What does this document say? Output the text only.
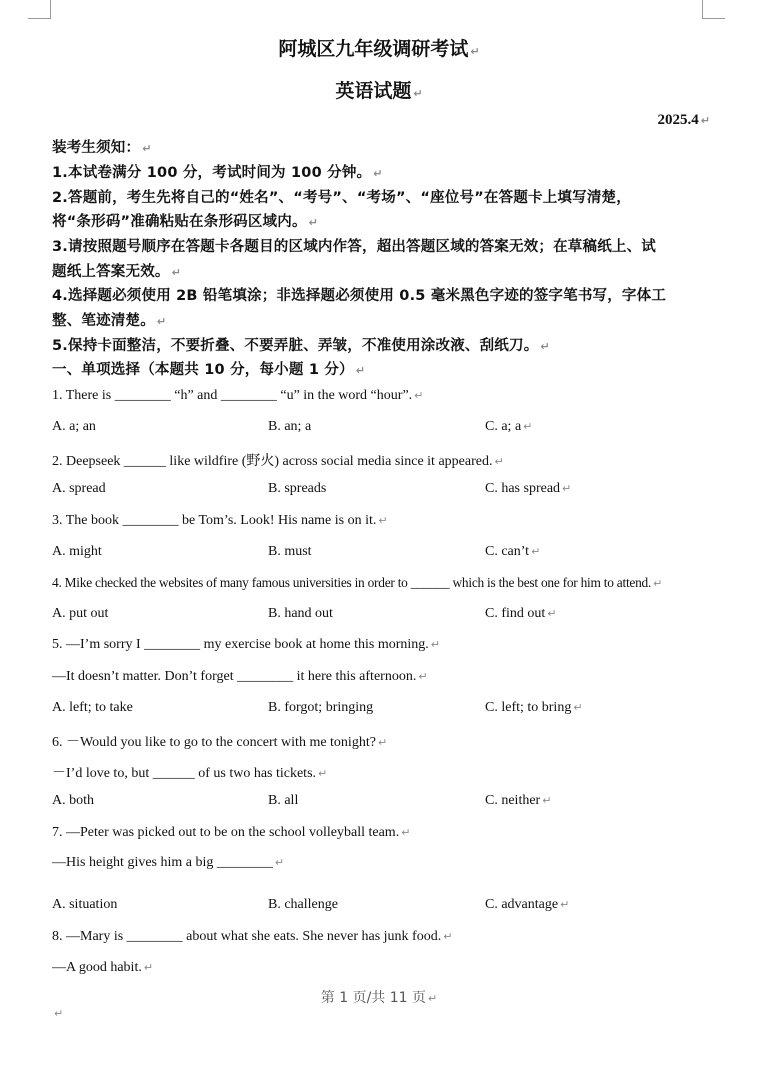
阿城区九年级调研考试 ↵
英语试题 ↵
2025.4 ↵
装考生须知： ↵
1.本试卷满分 100 分，考试时间为 100 分钟。 ↵
2.答题前，考生先将自己的“姓名”、“考号”、“考场”、“座位号”在答题卡上填写清楚，
将“条形码”准确粘贴在条形码区域内。 ↵
3.请按照题号顺序在答题卡各题目的区域内作答，超出答题区域的答案无效；在草稿纸上、试
题纸上答案无效。 ↵
4.选择题必须使用 2B 铅笔填涂；非选择题必须使用 0.5 毫米黑色字迹的签字笔书写，字体工
整、笔迹清楚。 ↵
5.保持卡面整洁，不要折叠、不要弄脏、弄皱，不准使用涂改液、刮纸刀。 ↵
一、单项选择（本题共 10 分，每小题 1 分） ↵
1. There is ________ “h” and ________ “u” in the word “hour”. ↵
A. a; an	B. an; a	C. a; a ↵
2. Deepseek ______ like wildfire (野火) across social media since it appeared. ↵
A. spread	B. spreads	C. has spread ↵
3. The book ________ be Tom’s. Look! His name is on it. ↵
A. might	B. must	C. can’t ↵
4. Mike checked the websites of many famous universities in order to ______ which is the best one for him to attend. ↵
A. put out	B. hand out	C. find out ↵
5. —I’m sorry I ________ my exercise book at home this morning. ↵
—It doesn’t matter. Don’t forget ________ it here this afternoon. ↵
A. left; to take	B. forgot; bringing	C. left; to bring ↵
6. －Would you like to go to the concert with me tonight? ↵
－I’d love to, but ______ of us two has tickets. ↵
A. both	B. all	C. neither ↵
7. —Peter was picked out to be on the school volleyball team. ↵
—His height gives him a big ________ ↵
A. situation	B. challenge	C. advantage ↵
8. —Mary is ________ about what she eats. She never has junk food. ↵
—A good habit. ↵
第 1 页/共 11 页 ↵
↵
